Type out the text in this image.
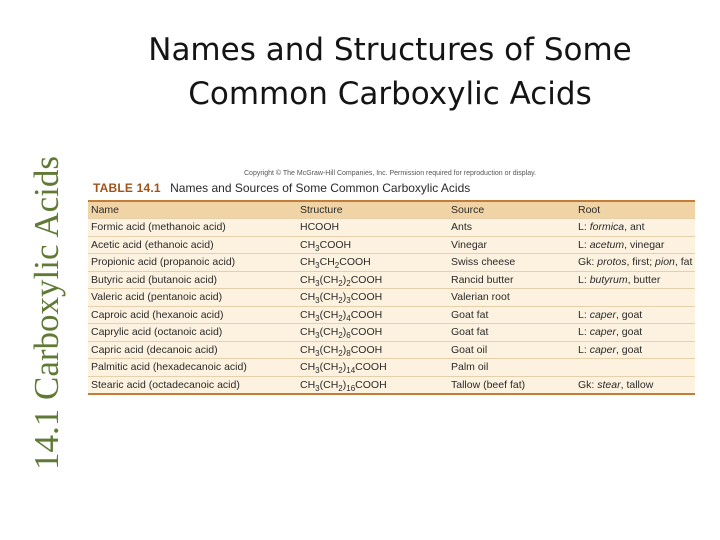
14.1 Carboxylic Acids
Names and Structures of Some Common Carboxylic Acids
Copyright © The McGraw-Hill Companies, Inc. Permission required for reproduction or display.
TABLE 14.1 Names and Sources of Some Common Carboxylic Acids
Name	Structure	Source	Root
Formic acid (methanoic acid)	HCOOH	Ants	L: formica, ant
Acetic acid (ethanoic acid)	$CH_3COOH$	Vinegar	L: acetum, vinegar
Propionic acid (propanoic acid)	$CH_3CH_2COOH$	Swiss cheese	Gk: protos, first; pion, fat
Butyric acid (butanoic acid)	$CH_3(CH_2)_2COOH$	Rancid butter	L: butyrum, butter
Valeric acid (pentanoic acid)	$CH_3(CH_2)_3COOH$	Valerian root	
Caproic acid (hexanoic acid)	$CH_3(CH_2)_4COOH$	Goat fat	L: caper, goat
Caprylic acid (octanoic acid)	$CH_3(CH_2)_6COOH$	Goat fat	L: caper, goat
Capric acid (decanoic acid)	$CH_3(CH_2)_8COOH$	Goat oil	L: caper, goat
Palmitic acid (hexadecanoic acid)	$CH_3(CH_2)_{14}COOH$	Palm oil	
Stearic acid (octadecanoic acid)	$CH_3(CH_2)_{16}COOH$	Tallow (beef fat)	Gk: stear, tallow
